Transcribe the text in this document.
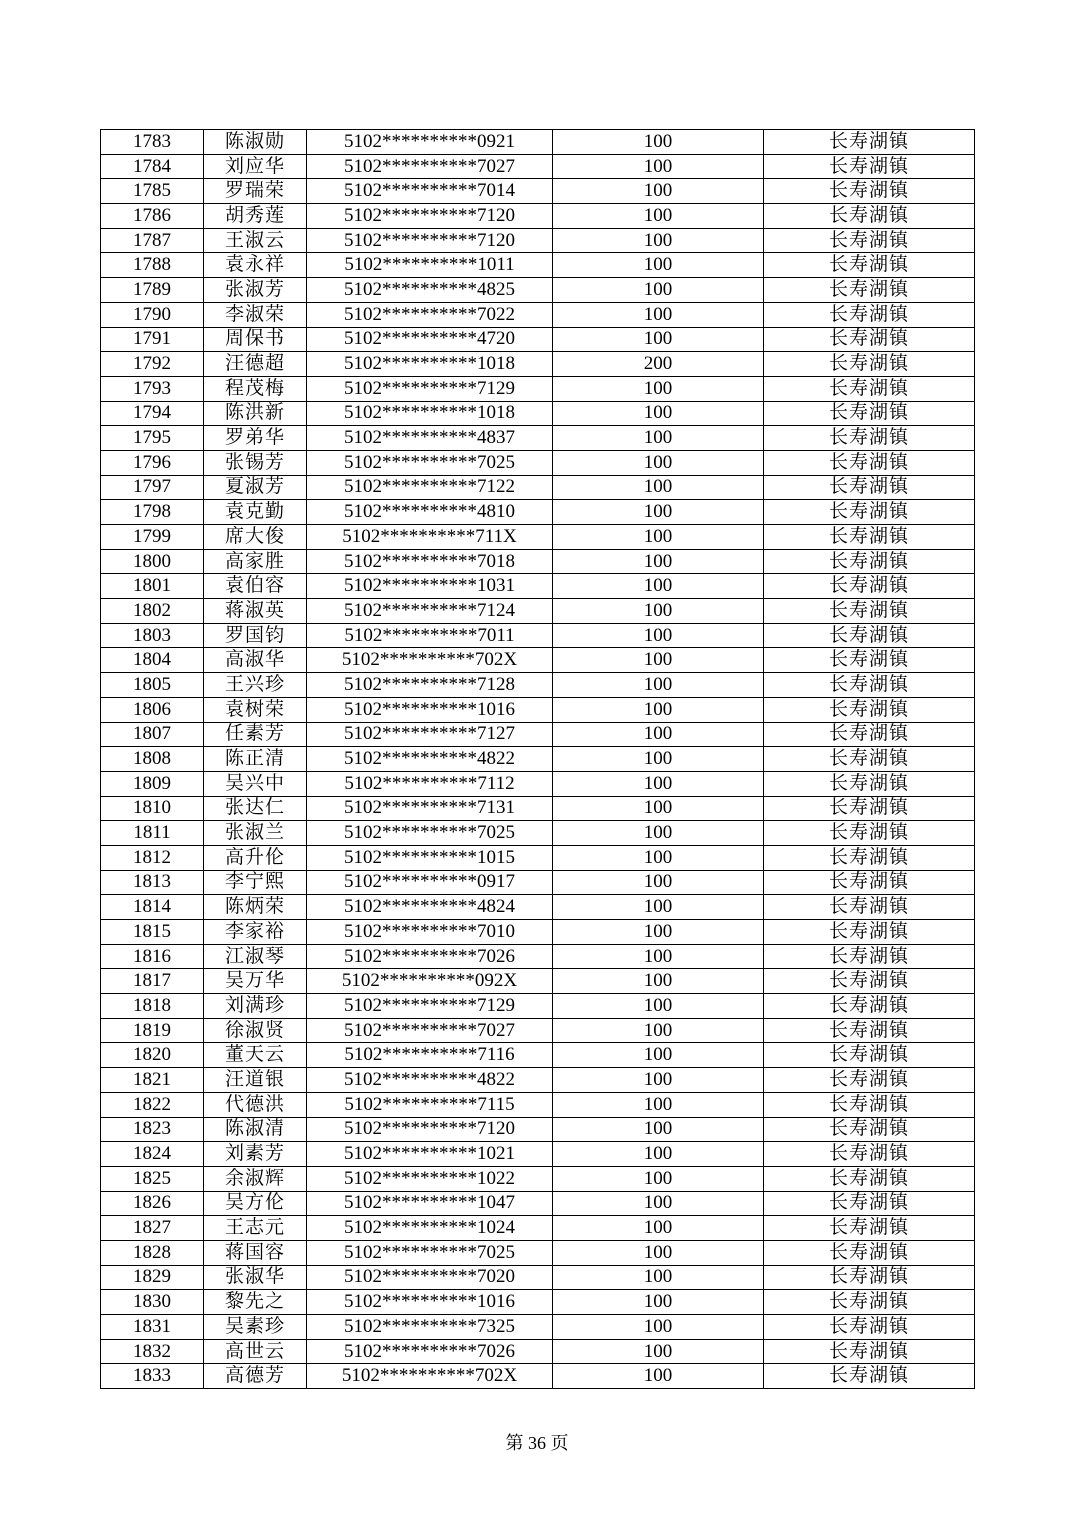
1783	陈淑勋	5102**********0921	100	长寿湖镇
1784	刘应华	5102**********7027	100	长寿湖镇
1785	罗瑞荣	5102**********7014	100	长寿湖镇
1786	胡秀莲	5102**********7120	100	长寿湖镇
1787	王淑云	5102**********7120	100	长寿湖镇
1788	袁永祥	5102**********1011	100	长寿湖镇
1789	张淑芳	5102**********4825	100	长寿湖镇
1790	李淑荣	5102**********7022	100	长寿湖镇
1791	周保书	5102**********4720	100	长寿湖镇
1792	汪德超	5102**********1018	200	长寿湖镇
1793	程茂梅	5102**********7129	100	长寿湖镇
1794	陈洪新	5102**********1018	100	长寿湖镇
1795	罗弟华	5102**********4837	100	长寿湖镇
1796	张锡芳	5102**********7025	100	长寿湖镇
1797	夏淑芳	5102**********7122	100	长寿湖镇
1798	袁克勤	5102**********4810	100	长寿湖镇
1799	席大俊	5102**********711X	100	长寿湖镇
1800	高家胜	5102**********7018	100	长寿湖镇
1801	袁伯容	5102**********1031	100	长寿湖镇
1802	蒋淑英	5102**********7124	100	长寿湖镇
1803	罗国钧	5102**********7011	100	长寿湖镇
1804	高淑华	5102**********702X	100	长寿湖镇
1805	王兴珍	5102**********7128	100	长寿湖镇
1806	袁树荣	5102**********1016	100	长寿湖镇
1807	任素芳	5102**********7127	100	长寿湖镇
1808	陈正清	5102**********4822	100	长寿湖镇
1809	吴兴中	5102**********7112	100	长寿湖镇
1810	张达仁	5102**********7131	100	长寿湖镇
1811	张淑兰	5102**********7025	100	长寿湖镇
1812	高升伦	5102**********1015	100	长寿湖镇
1813	李宁熙	5102**********0917	100	长寿湖镇
1814	陈炳荣	5102**********4824	100	长寿湖镇
1815	李家裕	5102**********7010	100	长寿湖镇
1816	江淑琴	5102**********7026	100	长寿湖镇
1817	吴万华	5102**********092X	100	长寿湖镇
1818	刘满珍	5102**********7129	100	长寿湖镇
1819	徐淑贤	5102**********7027	100	长寿湖镇
1820	董天云	5102**********7116	100	长寿湖镇
1821	汪道银	5102**********4822	100	长寿湖镇
1822	代德洪	5102**********7115	100	长寿湖镇
1823	陈淑清	5102**********7120	100	长寿湖镇
1824	刘素芳	5102**********1021	100	长寿湖镇
1825	余淑辉	5102**********1022	100	长寿湖镇
1826	吴方伦	5102**********1047	100	长寿湖镇
1827	王志元	5102**********1024	100	长寿湖镇
1828	蒋国容	5102**********7025	100	长寿湖镇
1829	张淑华	5102**********7020	100	长寿湖镇
1830	黎先之	5102**********1016	100	长寿湖镇
1831	吴素珍	5102**********7325	100	长寿湖镇
1832	高世云	5102**********7026	100	长寿湖镇
1833	高德芳	5102**********702X	100	长寿湖镇
第 36 页
